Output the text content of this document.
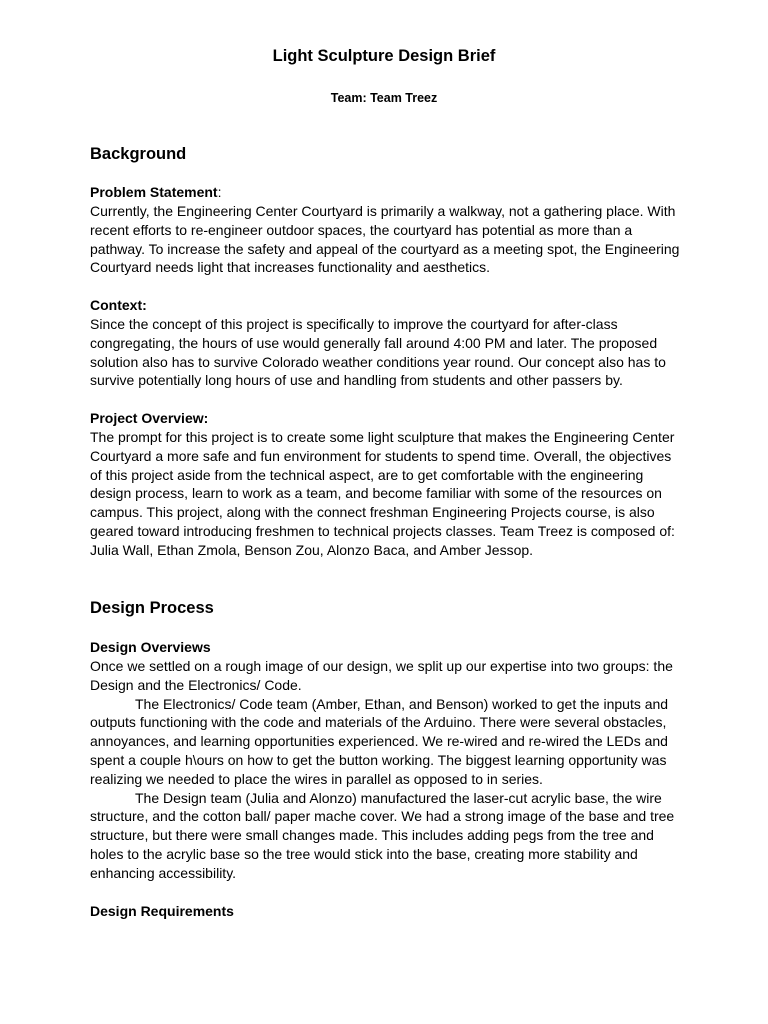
Light Sculpture Design Brief
Team: Team Treez
Background
Problem Statement:

Currently, the Engineering Center Courtyard is primarily a walkway, not a gathering place. With
recent efforts to re-engineer outdoor spaces, the courtyard has potential as more than a
pathway. To increase the safety and appeal of the courtyard as a meeting spot, the Engineering
Courtyard needs light that increases functionality and aesthetics.

Context:

Since the concept of this project is specifically to improve the courtyard for after-class
congregating, the hours of use would generally fall around 4:00 PM and later. The proposed
solution also has to survive Colorado weather conditions year round. Our concept also has to
survive potentially long hours of use and handling from students and other passers by.

Project Overview:

The prompt for this project is to create some light sculpture that makes the Engineering Center
Courtyard a more safe and fun environment for students to spend time. Overall, the objectives
of this project aside from the technical aspect, are to get comfortable with the engineering
design process, learn to work as a team, and become familiar with some of the resources on
campus. This project, along with the connect freshman Engineering Projects course, is also
geared toward introducing freshmen to technical projects classes. Team Treez is composed of:
Julia Wall, Ethan Zmola, Benson Zou, Alonzo Baca, and Amber Jessop.

Design Process
Design Overviews

Once we settled on a rough image of our design, we split up our expertise into two groups: the
Design and the Electronics/ Code.
The Electronics/ Code team (Amber, Ethan, and Benson) worked to get the inputs and
outputs functioning with the code and materials of the Arduino. There were several obstacles,
annoyances, and learning opportunities experienced. We re-wired and re-wired the LEDs and
spent a couple h\ours on how to get the button working. The biggest learning opportunity was
realizing we needed to place the wires in parallel as opposed to in series.
The Design team (Julia and Alonzo) manufactured the laser-cut acrylic base, the wire
structure, and the cotton ball/ paper mache cover. We had a strong image of the base and tree
structure, but there were small changes made. This includes adding pegs from the tree and
holes to the acrylic base so the tree would stick into the base, creating more stability and
enhancing accessibility.

Design Requirements
